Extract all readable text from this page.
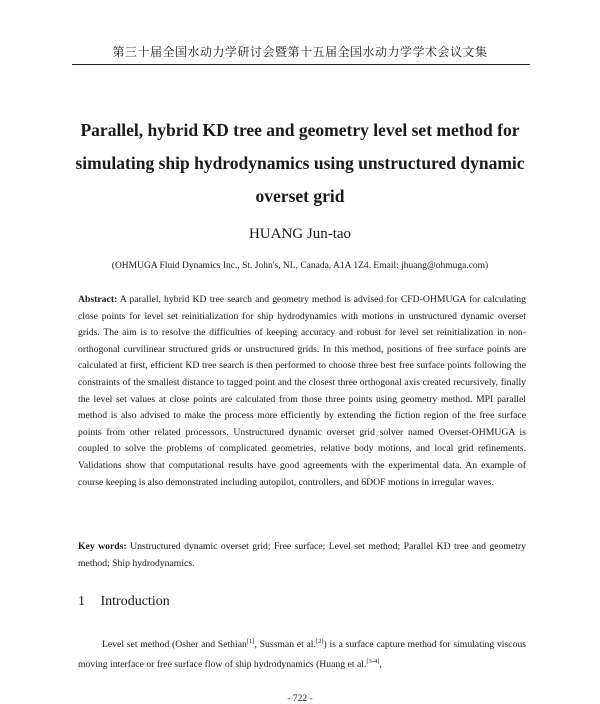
第三十届全国水动力学研讨会暨第十五届全国水动力学学术会议文集
Parallel, hybrid KD tree and geometry level set method for simulating ship hydrodynamics using unstructured dynamic overset grid
HUANG Jun-tao
(OHMUGA Fluid Dynamics Inc., St. John's, NL, Canada, A1A 1Z4. Email: jhuang@ohmuga.com)
Abstract: A parallel, hybrid KD tree search and geometry method is advised for CFD-OHMUGA for calculating close points for level set reinitialization for ship hydrodynamics with motions in unstructured dynamic overset grids. The aim is to resolve the difficulties of keeping accuracy and robust for level set reinitialization in non-orthogonal curvilinear structured grids or unstructured grids. In this method, positions of free surface points are calculated at first, efficient KD tree search is then performed to choose three best free surface points following the constraints of the smallest distance to tagged point and the closest three orthogonal axis created recursively, finally the level set values at close points are calculated from those three points using geometry method. MPI parallel method is also advised to make the process more efficiently by extending the fiction region of the free surface points from other related processors. Unstructured dynamic overset grid solver named Overset-OHMUGA is coupled to solve the problems of complicated geometries, relative body motions, and local grid refinements. Validations show that computational results have good agreements with the experimental data. An example of course keeping is also demonstrated including autopilot, controllers, and 6DOF motions in irregular waves.
Key words: Unstructured dynamic overset grid; Free surface; Level set method; Parallel KD tree and geometry method; Ship hydrodynamics.
1 Introduction
Level set method (Osher and Sethian[1], Sussman et al.[2]) is a surface capture method for simulating viscous moving interface or free surface flow of ship hydrodynamics (Huang et al.[3-4],
- 722 -
